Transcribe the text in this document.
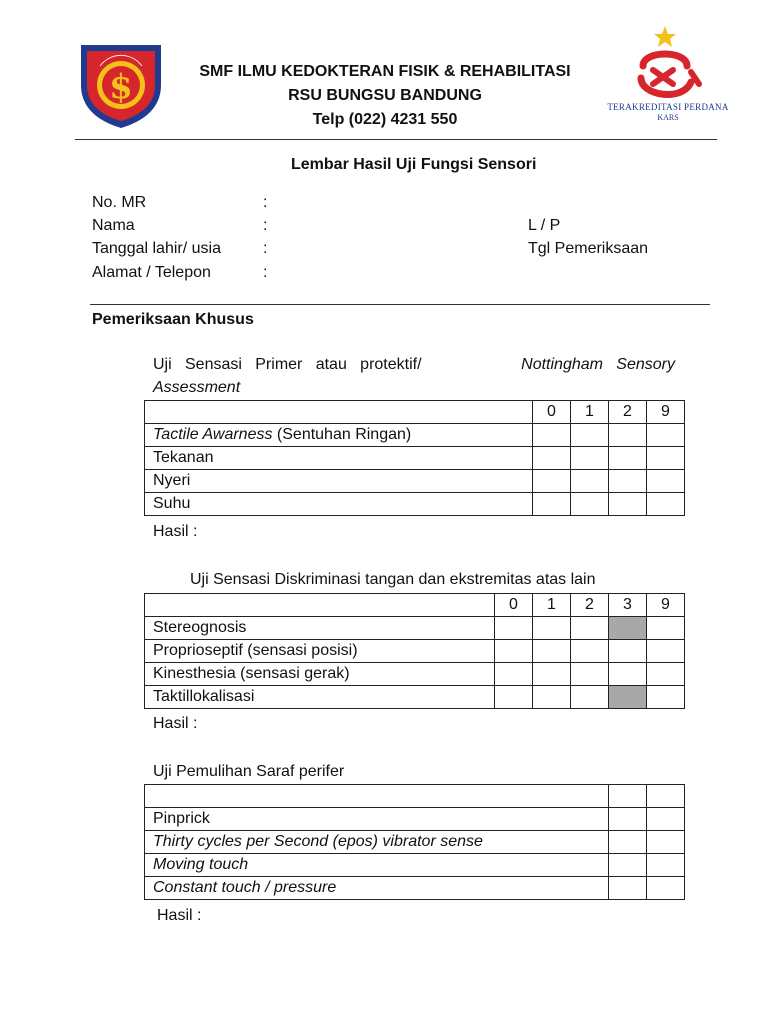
$
YAYASAN PELAYANAN KESEHATAN BALA KESELAMATAN
SMF ILMU KEDOKTERAN FISIK & REHABILITASI
RSU BUNGSU BANDUNG
Telp (022) 4231 550
TERAKREDITASI PERDANA
KARS
Lembar Hasil Uji Fungsi Sensori
No. MR	:
Nama	:
Tanggal lahir/ usia	:
Alamat / Telepon	:
L / P
Tgl Pemeriksaan
Pemeriksaan Khusus
Uji   Sensasi   Primer   atau   protektif/	Nottingham   Sensory
Assessment
	0	1	2	9
Tactile Awarness (Sentuhan Ringan)				
Tekanan				
Nyeri				
Suhu				
Hasil :
Uji Sensasi Diskriminasi tangan dan ekstremitas atas lain
	0	1	2	3	9
Stereognosis					
Proprioseptif (sensasi posisi)					
Kinesthesia (sensasi gerak)					
Taktillokalisasi					
Hasil :
Uji Pemulihan Saraf perifer

Pinprick		
Thirty cycles per Second (epos) vibrator sense		
Moving touch		
Constant touch / pressure		
Hasil :
